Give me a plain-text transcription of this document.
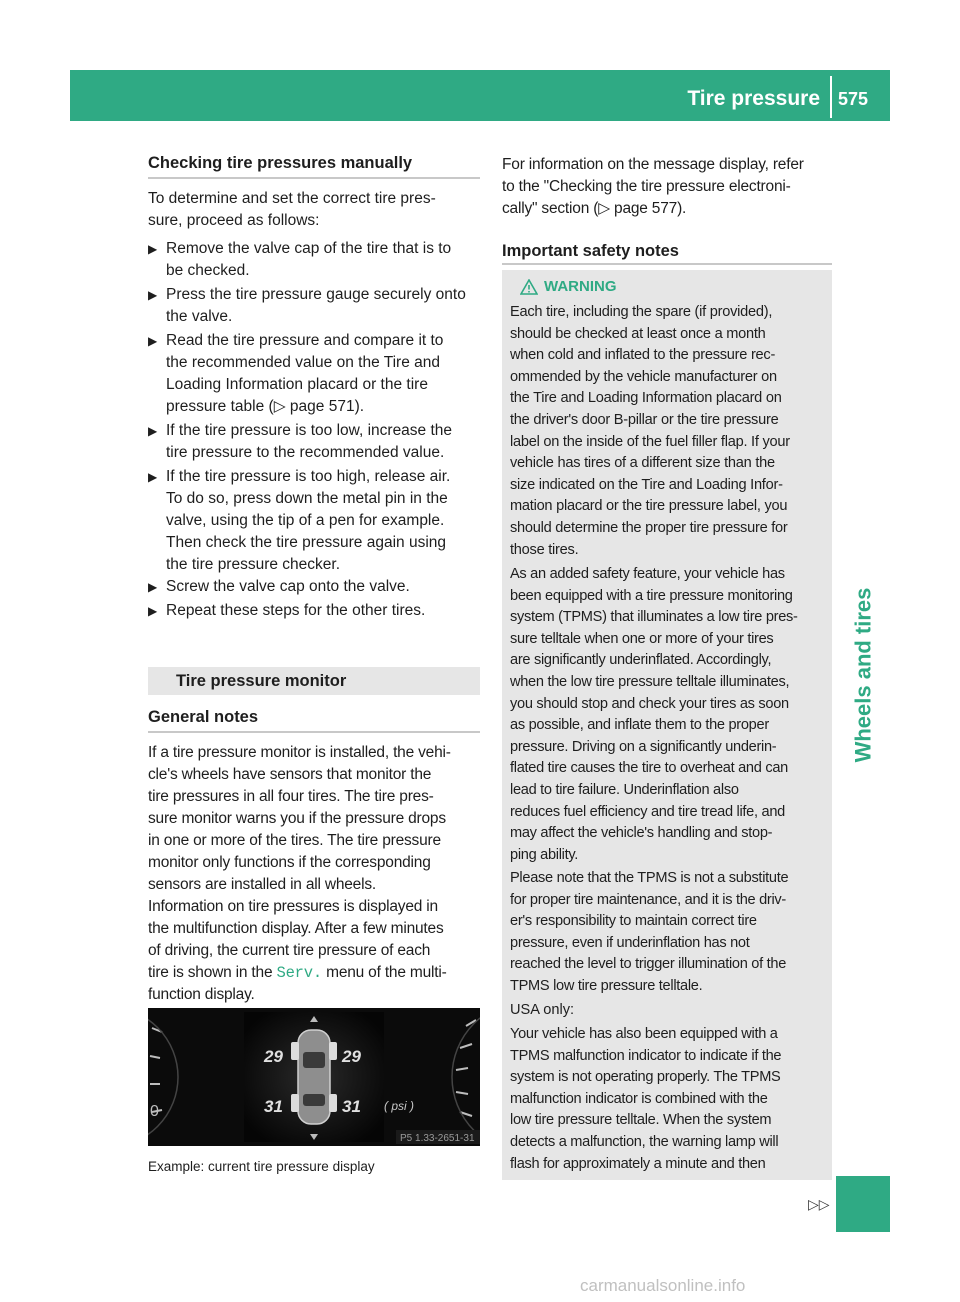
Tire pressure 575
Wheels and tires
Checking tire pressures manually
To determine and set the correct tire pres-
sure, proceed as follows:
▶ Remove the valve cap of the tire that is to
be checked.
▶ Press the tire pressure gauge securely onto
the valve.
▶ Read the tire pressure and compare it to
the recommended value on the Tire and
Loading Information placard or the tire
pressure table (▷ page 571).
▶ If the tire pressure is too low, increase the
tire pressure to the recommended value.
▶ If the tire pressure is too high, release air.
To do so, press down the metal pin in the
valve, using the tip of a pen for example.
Then check the tire pressure again using
the tire pressure checker.
▶ Screw the valve cap onto the valve.
▶ Repeat these steps for the other tires.
Tire pressure monitor
General notes
If a tire pressure monitor is installed, the vehi-
cle's wheels have sensors that monitor the
tire pressures in all four tires. The tire pres-
sure monitor warns you if the pressure drops
in one or more of the tires. The tire pressure
monitor only functions if the corresponding
sensors are installed in all wheels.
Information on tire pressures is displayed in
the multifunction display. After a few minutes
of driving, the current tire pressure of each
tire is shown in the Serv. menu of the multi-
function display.
0
29	29
31	31 ( psi )
P5 1.33-2651-31
Example: current tire pressure display
For information on the message display, refer
to the "Checking the tire pressure electroni-
cally" section (▷ page 577).
Important safety notes
WARNING
Each tire, including the spare (if provided),
should be checked at least once a month
when cold and inflated to the pressure rec-
ommended by the vehicle manufacturer on
the Tire and Loading Information placard on
the driver's door B-pillar or the tire pressure
label on the inside of the fuel filler flap. If your
vehicle has tires of a different size than the
size indicated on the Tire and Loading Infor-
mation placard or the tire pressure label, you
should determine the proper tire pressure for
those tires.
As an added safety feature, your vehicle has
been equipped with a tire pressure monitoring
system (TPMS) that illuminates a low tire pres-
sure telltale when one or more of your tires
are significantly underinflated. Accordingly,
when the low tire pressure telltale illuminates,
you should stop and check your tires as soon
as possible, and inflate them to the proper
pressure. Driving on a significantly underin-
flated tire causes the tire to overheat and can
lead to tire failure. Underinflation also
reduces fuel efficiency and tire tread life, and
may affect the vehicle's handling and stop-
ping ability.
Please note that the TPMS is not a substitute
for proper tire maintenance, and it is the driv-
er's responsibility to maintain correct tire
pressure, even if underinflation has not
reached the level to trigger illumination of the
TPMS low tire pressure telltale.
USA only:
Your vehicle has also been equipped with a
TPMS malfunction indicator to indicate if the
system is not operating properly. The TPMS
malfunction indicator is combined with the
low tire pressure telltale. When the system
detects a malfunction, the warning lamp will
flash for approximately a minute and then
▷▷
carmanualsonline.info
